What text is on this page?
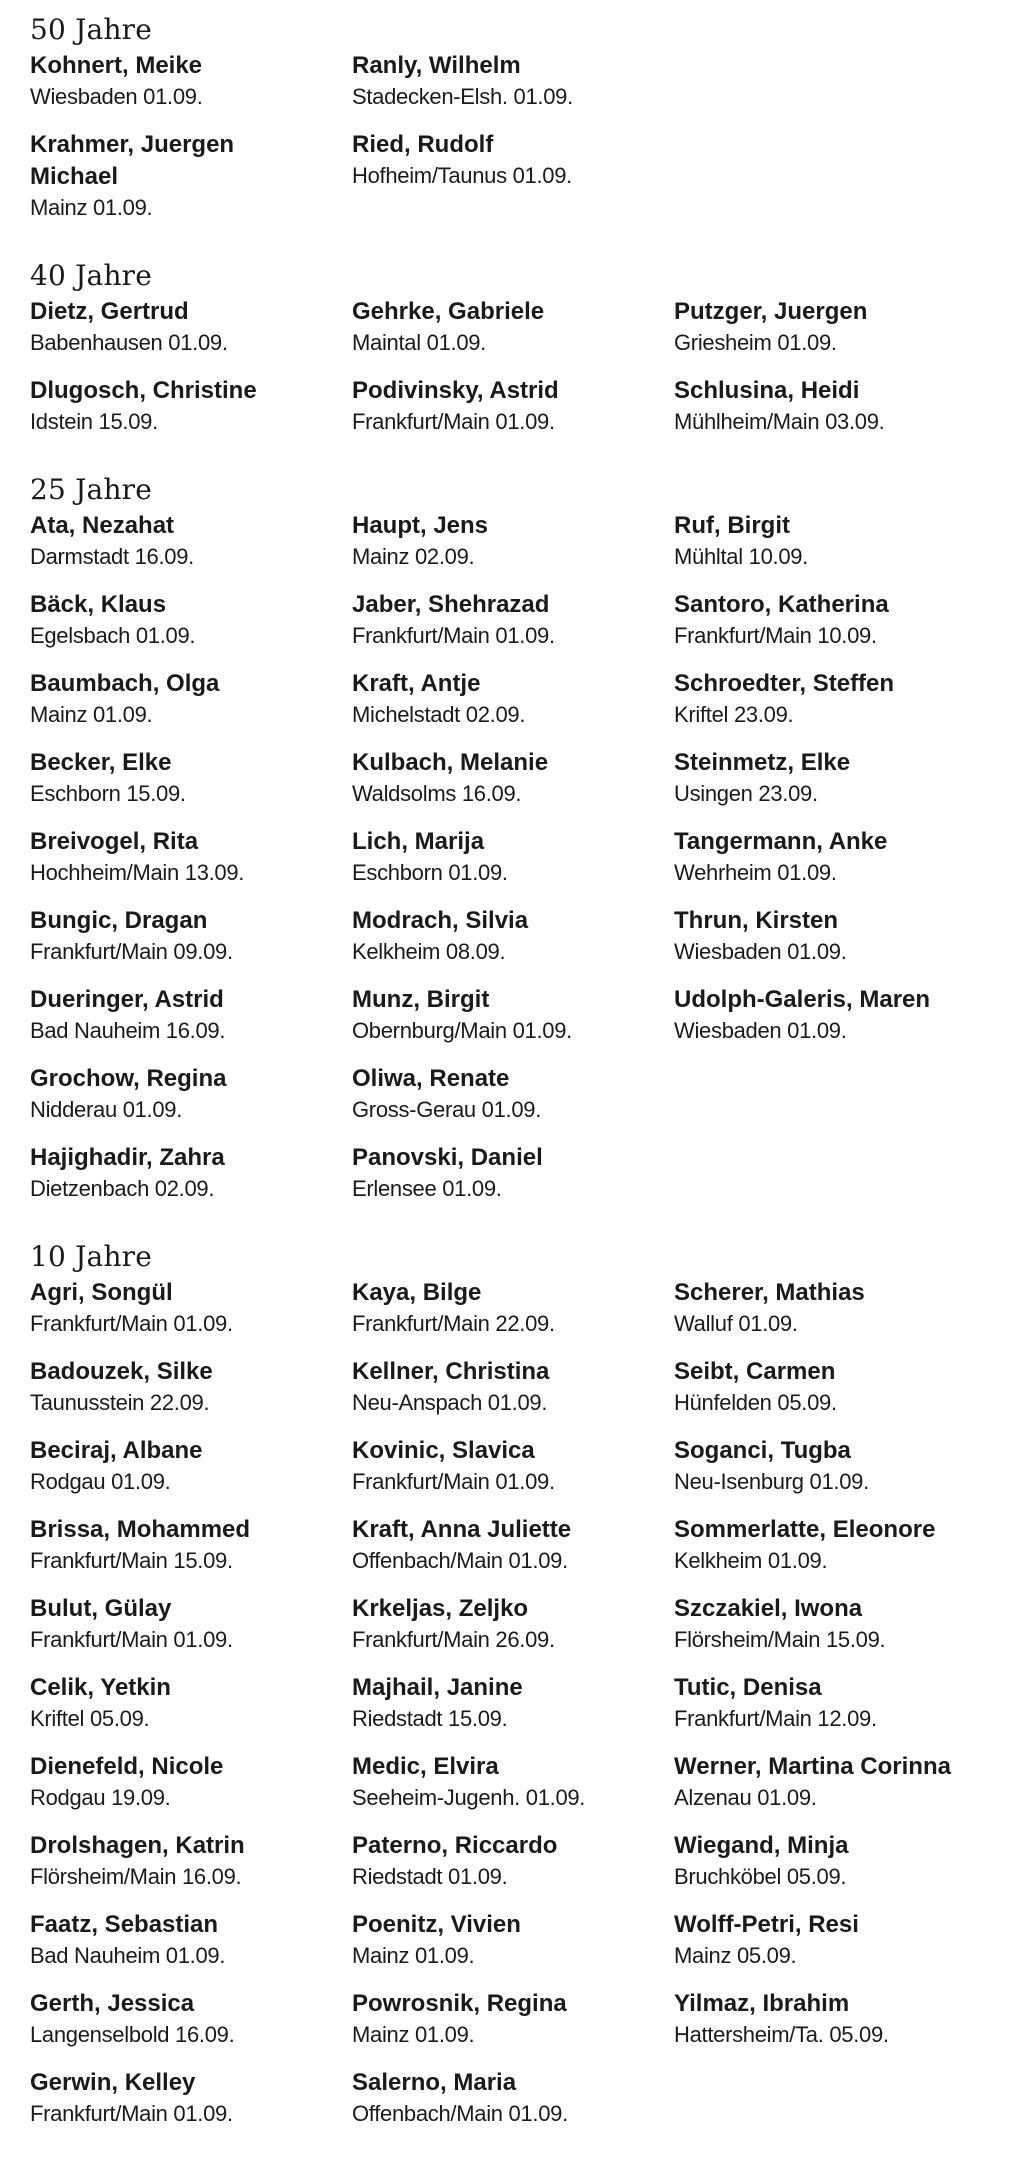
50 Jahre
Kohnert, Meike
Wiesbaden 01.09.
Krahmer, Juergen Michael
Mainz 01.09.
Ranly, Wilhelm
Stadecken-Elsh. 01.09.
Ried, Rudolf
Hofheim/Taunus 01.09.
40 Jahre
Dietz, Gertrud
Babenhausen 01.09.
Dlugosch, Christine
Idstein 15.09.
Gehrke, Gabriele
Maintal 01.09.
Podivinsky, Astrid
Frankfurt/Main 01.09.
Putzger, Juergen
Griesheim 01.09.
Schlusina, Heidi
Mühlheim/Main 03.09.
25 Jahre
Ata, Nezahat
Darmstadt 16.09.
Bäck, Klaus
Egelsbach 01.09.
Baumbach, Olga
Mainz 01.09.
Becker, Elke
Eschborn 15.09.
Breivogel, Rita
Hochheim/Main 13.09.
Bungic, Dragan
Frankfurt/Main 09.09.
Dueringer, Astrid
Bad Nauheim 16.09.
Grochow, Regina
Nidderau 01.09.
Hajighadir, Zahra
Dietzenbach 02.09.
Haupt, Jens
Mainz 02.09.
Jaber, Shehrazad
Frankfurt/Main 01.09.
Kraft, Antje
Michelstadt 02.09.
Kulbach, Melanie
Waldsolms 16.09.
Lich, Marija
Eschborn 01.09.
Modrach, Silvia
Kelkheim 08.09.
Munz, Birgit
Obernburg/Main 01.09.
Oliwa, Renate
Gross-Gerau 01.09.
Panovski, Daniel
Erlensee 01.09.
Ruf, Birgit
Mühltal 10.09.
Santoro, Katherina
Frankfurt/Main 10.09.
Schroedter, Steffen
Kriftel 23.09.
Steinmetz, Elke
Usingen 23.09.
Tangermann, Anke
Wehrheim 01.09.
Thrun, Kirsten
Wiesbaden 01.09.
Udolph-Galeris, Maren
Wiesbaden 01.09.
10 Jahre
Agri, Songül
Frankfurt/Main 01.09.
Badouzek, Silke
Taunusstein 22.09.
Beciraj, Albane
Rodgau 01.09.
Brissa, Mohammed
Frankfurt/Main 15.09.
Bulut, Gülay
Frankfurt/Main 01.09.
Celik, Yetkin
Kriftel 05.09.
Dienefeld, Nicole
Rodgau 19.09.
Drolshagen, Katrin
Flörsheim/Main 16.09.
Faatz, Sebastian
Bad Nauheim 01.09.
Gerth, Jessica
Langenselbold 16.09.
Gerwin, Kelley
Frankfurt/Main 01.09.
Kaya, Bilge
Frankfurt/Main 22.09.
Kellner, Christina
Neu-Anspach 01.09.
Kovinic, Slavica
Frankfurt/Main 01.09.
Kraft, Anna Juliette
Offenbach/Main 01.09.
Krkeljas, Zeljko
Frankfurt/Main 26.09.
Majhail, Janine
Riedstadt 15.09.
Medic, Elvira
Seeheim-Jugenh. 01.09.
Paterno, Riccardo
Riedstadt 01.09.
Poenitz, Vivien
Mainz 01.09.
Powrosnik, Regina
Mainz 01.09.
Salerno, Maria
Offenbach/Main 01.09.
Scherer, Mathias
Walluf 01.09.
Seibt, Carmen
Hünfelden 05.09.
Soganci, Tugba
Neu-Isenburg 01.09.
Sommerlatte, Eleonore
Kelkheim 01.09.
Szczakiel, Iwona
Flörsheim/Main 15.09.
Tutic, Denisa
Frankfurt/Main 12.09.
Werner, Martina Corinna
Alzenau 01.09.
Wiegand, Minja
Bruchköbel 05.09.
Wolff-Petri, Resi
Mainz 05.09.
Yilmaz, Ibrahim
Hattersheim/Ta. 05.09.
